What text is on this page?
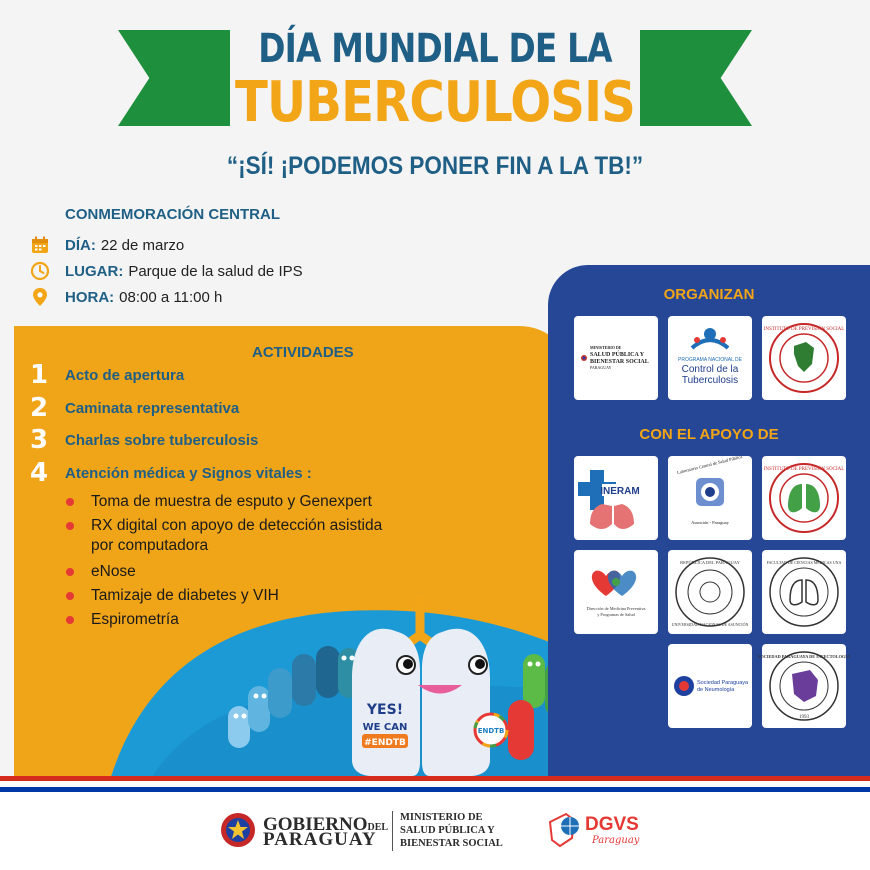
DÍA MUNDIAL DE LA
TUBERCULOSIS
“¡SÍ! ¡PODEMOS PONER FIN A LA TB!”
CONMEMORACIÓN CENTRAL
DÍA: 22 de marzo
LUGAR: Parque de la salud de IPS
HORA: 08:00 a 11:00 h
ACTIVIDADES
1	Acto de apertura
2	Caminata representativa
3	Charlas sobre tuberculosis
4	Atención médica y Signos vitales :
Toma de muestra de esputo y Genexpert
RX digital con apoyo de detección asistida
por computadora
eNose
Tamizaje de diabetes y VIH
Espirometría
YES!
WE CAN
#ENDTB
ENDTB
ORGANIZAN
MINISTERIO DE
SALUD PÚBLICA Y
BIENESTAR SOCIAL
PARAGUAY
PROGRAMA NACIONAL DE
Control de la
Tuberculosis
INSTITUTO DE PREVISIÓN SOCIAL
CON EL APOYO DE
INERAM
Laboratorio Central de Salud Pública
Asunción - Paraguay
INSTITUTO DE PREVISIÓN SOCIAL
Dirección de Medicina Preventiva
y Programas de Salud
REPÚBLICA DEL PARAGUAY
UNIVERSIDAD NACIONAL DE ASUNCIÓN
FACULTAD DE CIENCIAS MÉDICAS UNA
Sociedad Paraguaya
de Neumología
SOCIEDAD PARAGUAYA DE INFECTOLOGÍA
1993
GOBIERNODEL
PARAGUAY
MINISTERIO DE
SALUD PÚBLICA Y
BIENESTAR SOCIAL
DGVS
Paraguay
